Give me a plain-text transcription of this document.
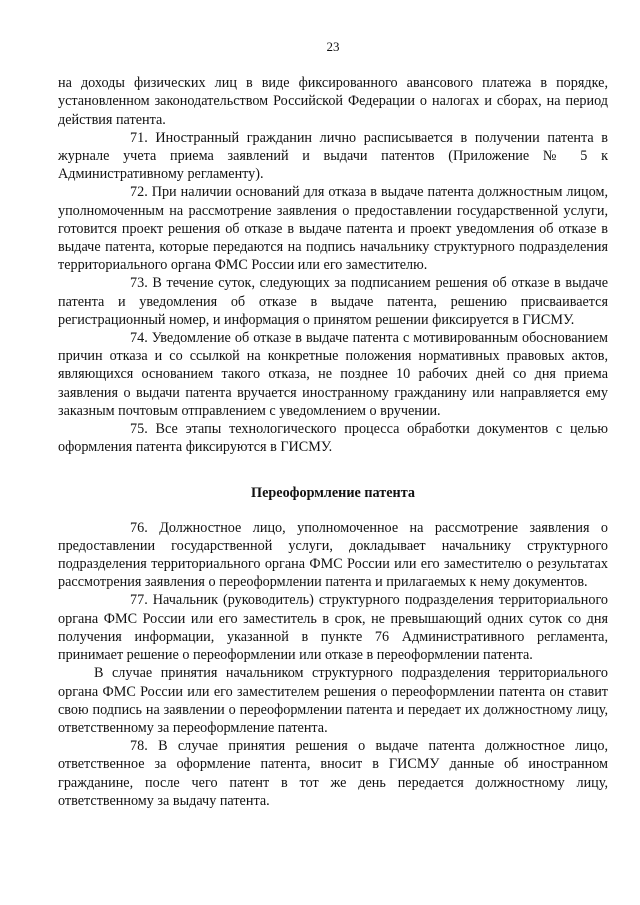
23

на доходы физических лиц в виде фиксированного авансового платежа в порядке, установленном законодательством Российской Федерации о налогах и сборах, на период действия патента.

71. Иностранный гражданин лично расписывается в получении патента в журнале учета приема заявлений и выдачи патентов (Приложение № 5 к Административному регламенту).

72. При наличии оснований для отказа в выдаче патента должностным лицом, уполномоченным на рассмотрение заявления о предоставлении государственной услуги, готовится проект решения об отказе в выдаче патента и проект уведомления об отказе в выдаче патента, которые передаются на подпись начальнику структурного подразделения территориального органа ФМС России или его заместителю.

73. В течение суток, следующих за подписанием решения об отказе в выдаче патента и уведомления об отказе в выдаче патента, решению присваивается регистрационный номер, и информация о принятом решении фиксируется в ГИСМУ.

74. Уведомление об отказе в выдаче патента с мотивированным обоснованием причин отказа и со ссылкой на конкретные положения нормативных правовых актов, являющихся основанием такого отказа, не позднее 10 рабочих дней со дня приема заявления о выдачи патента вручается иностранному гражданину или направляется ему заказным почтовым отправлением с уведомлением о вручении.

75. Все этапы технологического процесса обработки документов с целью оформления патента фиксируются в ГИСМУ.

Переоформление патента

76. Должностное лицо, уполномоченное на рассмотрение заявления о предоставлении государственной услуги, докладывает начальнику структурного подразделения территориального органа ФМС России или его заместителю о результатах рассмотрения заявления о переоформлении патента и прилагаемых к нему документов.

77. Начальник (руководитель) структурного подразделения территориального органа ФМС России или его заместитель в срок, не превышающий одних суток со дня получения информации, указанной в пункте 76 Административного регламента, принимает решение о переоформлении или отказе в переоформлении патента.

В случае принятия начальником структурного подразделения территориального органа ФМС России или его заместителем решения о переоформлении патента он ставит свою подпись на заявлении о переоформлении патента и передает их должностному лицу, ответственному за переоформление патента.

78. В случае принятия решения о выдаче патента должностное лицо, ответственное за оформление патента, вносит в ГИСМУ данные об иностранном гражданине, после чего патент в тот же день передается должностному лицу, ответственному за выдачу патента.
